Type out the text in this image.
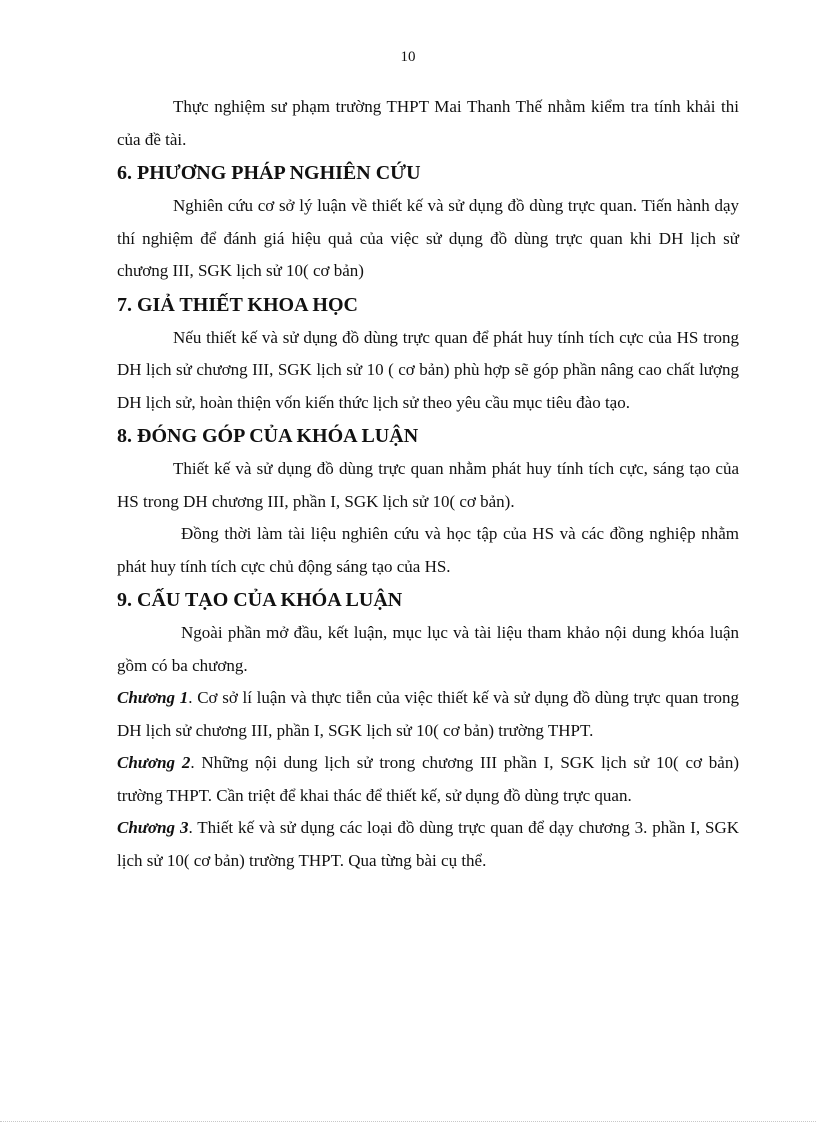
10

Thực nghiệm sư phạm trường THPT Mai Thanh Thế nhằm kiểm tra tính khải thi của đề tài.

6. PHƯƠNG PHÁP NGHIÊN CỨU

Nghiên cứu cơ sở lý luận về thiết kế và sử dụng đồ dùng trực quan. Tiến hành dạy thí nghiệm để đánh giá hiệu quả của việc sử dụng đồ dùng trực quan khi DH lịch sử chương III, SGK lịch sử 10( cơ bản)

7. GIẢ THIẾT KHOA HỌC

Nếu thiết kế và sử dụng đồ dùng trực quan để phát huy tính tích cực của HS trong DH lịch sử chương III, SGK lịch sử 10 ( cơ bản) phù hợp sẽ góp phần nâng cao chất lượng DH lịch sử, hoàn thiện vốn kiến thức lịch sử theo yêu cầu mục tiêu đào tạo.

8. ĐÓNG GÓP CỦA KHÓA LUẬN

Thiết kế và sử dụng đồ dùng trực quan nhằm phát huy tính tích cực, sáng tạo của HS trong DH chương III, phần I, SGK lịch sử 10( cơ bản).

Đồng thời làm tài liệu nghiên cứu và học tập của HS và các đồng nghiệp nhằm phát huy tính tích cực chủ động sáng tạo của HS.

9. CẤU TẠO CỦA KHÓA LUẬN

Ngoài phần mở đầu, kết luận, mục lục và tài liệu tham khảo nội dung khóa luận gồm có ba chương.

Chương 1. Cơ sở lí luận và thực tiễn của việc thiết kế và sử dụng đồ dùng trực quan trong DH lịch sử chương III, phần I, SGK lịch sử 10( cơ bản) trường THPT.

Chương 2. Những nội dung lịch sử trong chương III phần I, SGK lịch sử 10( cơ bản) trường THPT. Cần triệt để khai thác để thiết kế, sử dụng đồ dùng trực quan.

Chương 3. Thiết kế và sử dụng các loại đồ dùng trực quan để dạy chương 3. phần I, SGK lịch sử 10( cơ bản) trường THPT. Qua từng bài cụ thể.
